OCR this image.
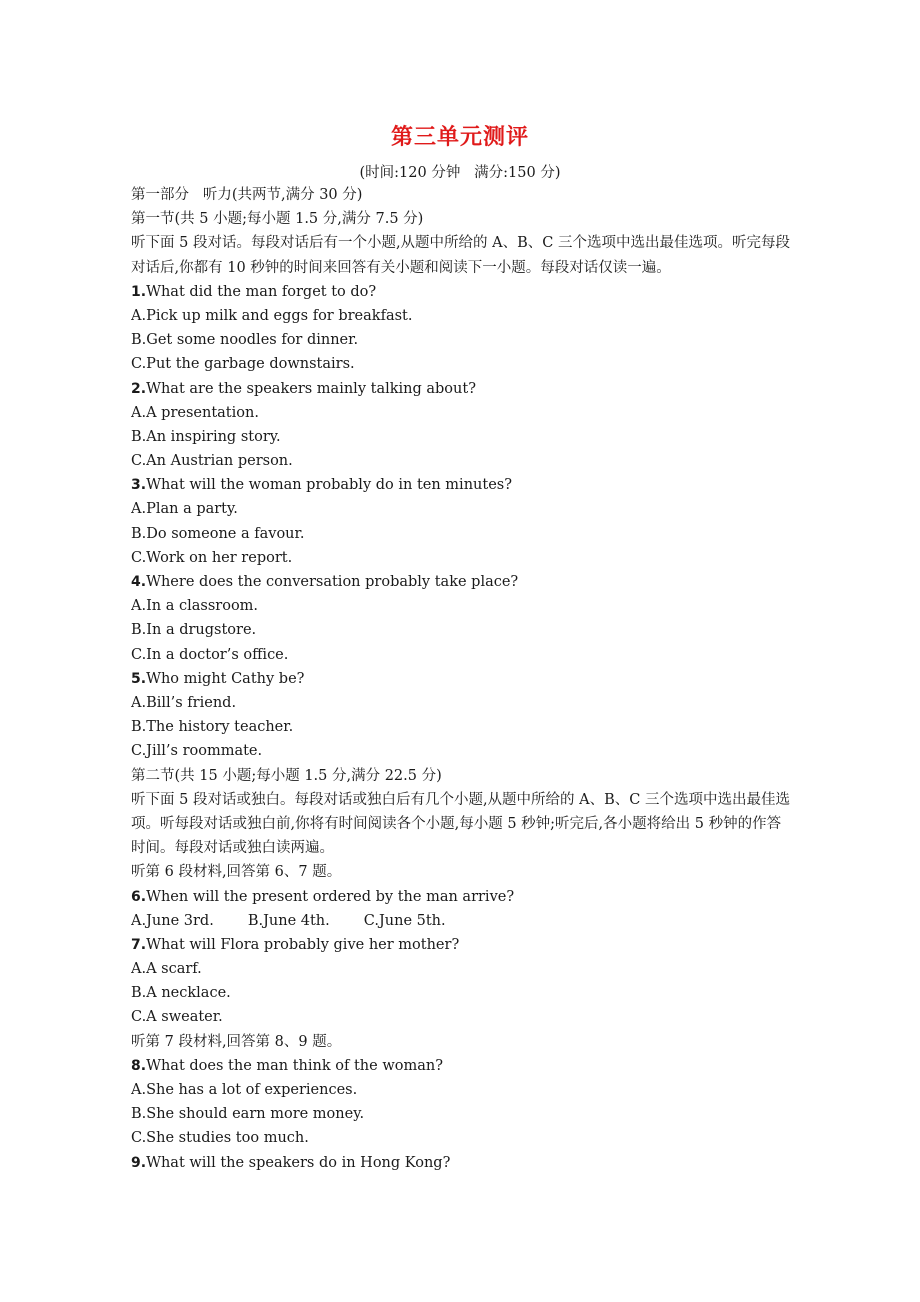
第三单元测评
(时间:120 分钟   满分:150 分)
第一部分   听力(共两节,满分 30 分)
第一节(共 5 小题;每小题 1.5 分,满分 7.5 分)
听下面 5 段对话。每段对话后有一个小题,从题中所给的 A、B、C 三个选项中选出最佳选项。听完每段对话后,你都有 10 秒钟的时间来回答有关小题和阅读下一小题。每段对话仅读一遍。
1.What did the man forget to do?
A.Pick up milk and eggs for breakfast.
B.Get some noodles for dinner.
C.Put the garbage downstairs.
2.What are the speakers mainly talking about?
A.A presentation.
B.An inspiring story.
C.An Austrian person.
3.What will the woman probably do in ten minutes?
A.Plan a party.
B.Do someone a favour.
C.Work on her report.
4.Where does the conversation probably take place?
A.In a classroom.
B.In a drugstore.
C.In a doctor’s office.
5.Who might Cathy be?
A.Bill’s friend.
B.The history teacher.
C.Jill’s roommate.
第二节(共 15 小题;每小题 1.5 分,满分 22.5 分)
听下面 5 段对话或独白。每段对话或独白后有几个小题,从题中所给的 A、B、C 三个选项中选出最佳选项。听每段对话或独白前,你将有时间阅读各个小题,每小题 5 秒钟;听完后,各小题将给出 5 秒钟的作答时间。每段对话或独白读两遍。
听第 6 段材料,回答第 6、7 题。
6.When will the present ordered by the man arrive?
A.June 3rd. B.June 4th. C.June 5th.
7.What will Flora probably give her mother?
A.A scarf.
B.A necklace.
C.A sweater.
听第 7 段材料,回答第 8、9 题。
8.What does the man think of the woman?
A.She has a lot of experiences.
B.She should earn more money.
C.She studies too much.
9.What will the speakers do in Hong Kong?
